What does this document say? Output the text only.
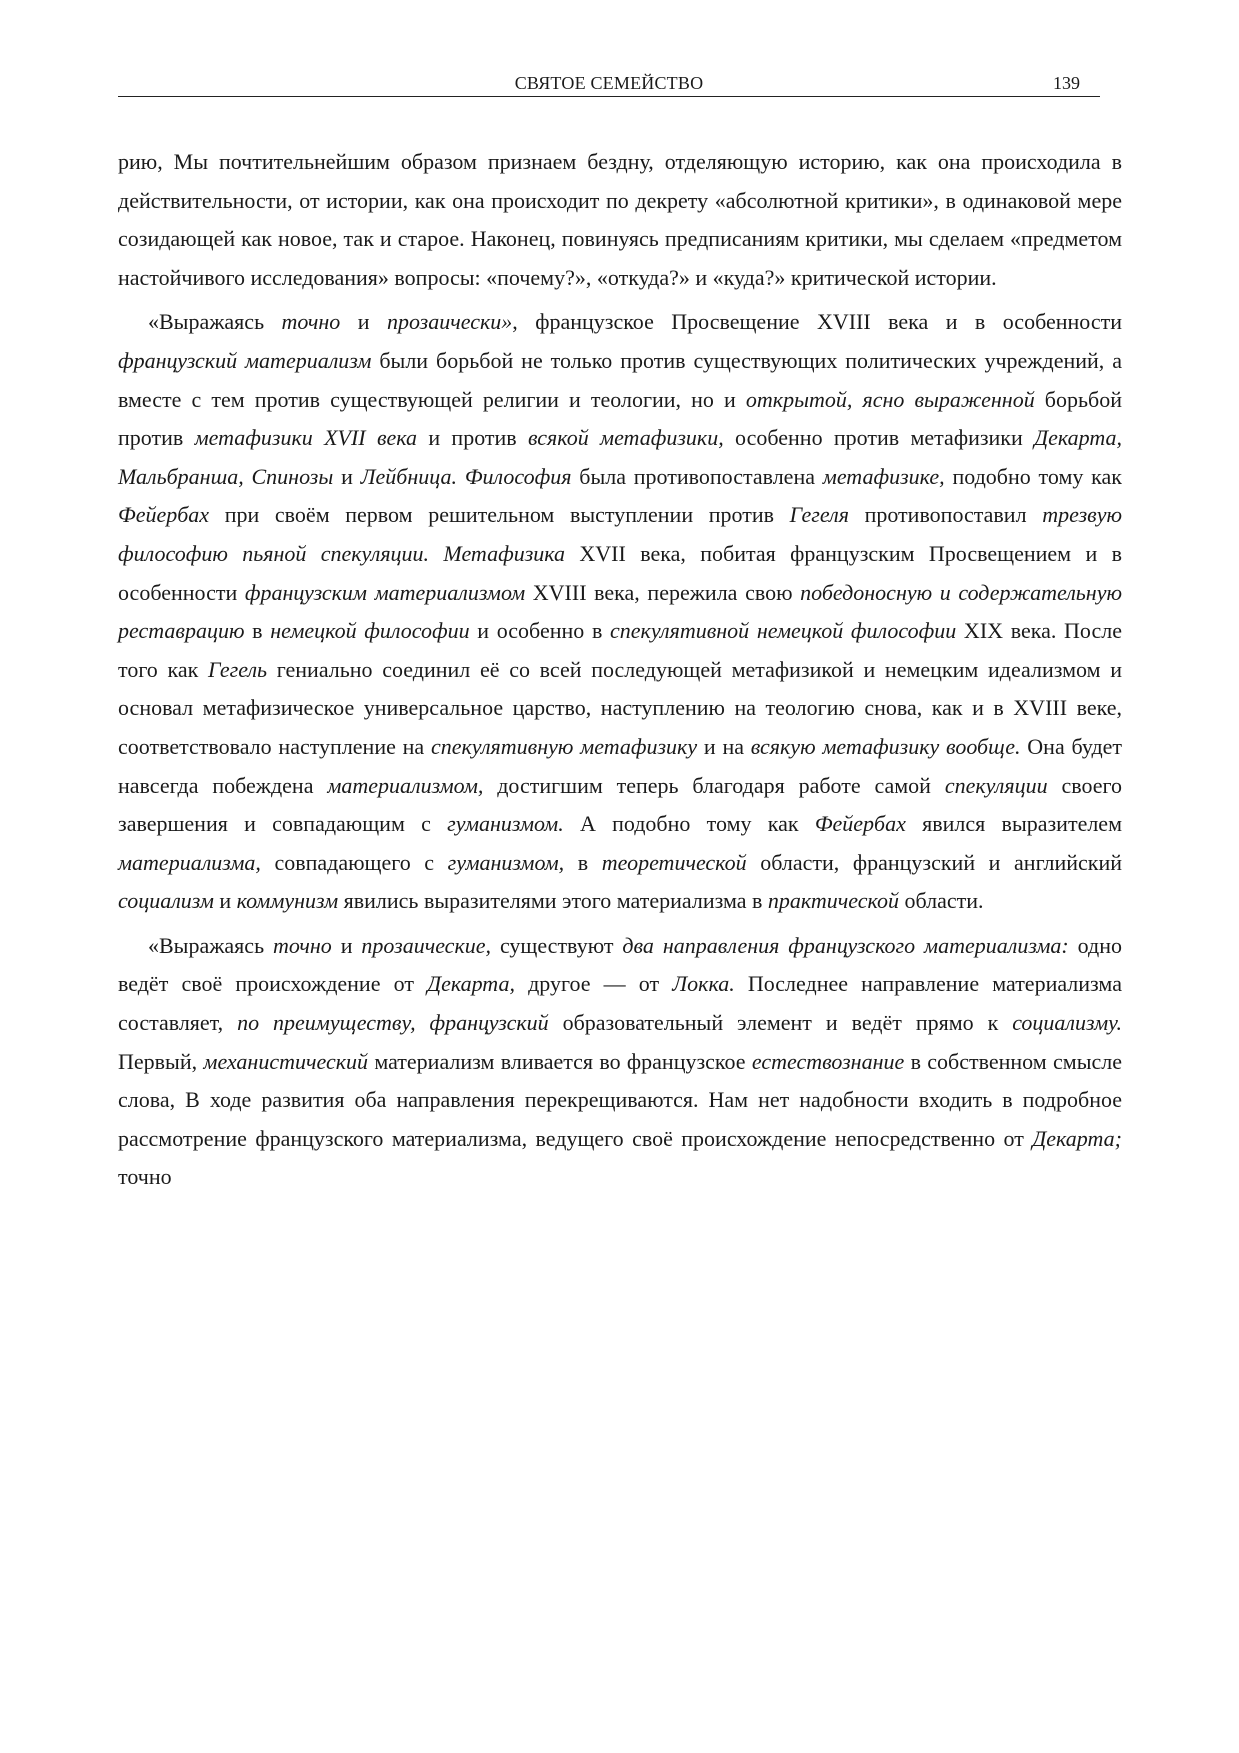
СВЯТОЕ СЕМЕЙСТВО	139

рию, Мы почтительнейшим образом признаем бездну, отделяющую историю, как она происходила в действительности, от истории, как она происходит по декрету «абсолютной критики», в одинаковой мере созидающей как новое, так и старое. Наконец, повинуясь предписаниям критики, мы сделаем «предметом настойчивого исследования» вопросы: «почему?», «откуда?» и «куда?» критической истории.

«Выражаясь точно и прозаически», французское Просвещение XVIII века и в особенности французский материализм были борьбой не только против существующих политических учреждений, а вместе с тем против существующей религии и теологии, но и открытой, ясно выраженной борьбой против метафизики XVII века и против всякой метафизики, особенно против метафизики Декарта, Мальбранша, Спинозы и Лейбница. Философия была противопоставлена метафизике, подобно тому как Фейербах при своём первом решительном выступлении против Гегеля противопоставил трезвую философию пьяной спекуляции. Метафизика XVII века, побитая французским Просвещением и в особенности французским материализмом XVIII века, пережила свою победоносную и содержательную реставрацию в немецкой философии и особенно в спекулятивной немецкой философии XIX века. После того как Гегель гениально соединил её со всей последующей метафизикой и немецким идеализмом и основал метафизическое универсальное царство, наступлению на теологию снова, как и в XVIII веке, соответствовало наступление на спекулятивную метафизику и на всякую метафизику вообще. Она будет навсегда побеждена материализмом, достигшим теперь благодаря работе самой спекуляции своего завершения и совпадающим с гуманизмом. А подобно тому как Фейербах явился выразителем материализма, совпадающего с гуманизмом, в теоретической области, французский и английский социализм и коммунизм явились выразителями этого материализма в практической области.

«Выражаясь точно и прозаические, существуют два направления французского материализма: одно ведёт своё происхождение от Декарта, другое — от Локка. Последнее направление материализма составляет, по преимуществу, французский образовательный элемент и ведёт прямо к социализму. Первый, механистический материализм вливается во французское естествознание в собственном смысле слова, В ходе развития оба направления перекрещиваются. Нам нет надобности входить в подробное рассмотрение французского материализма, ведущего своё происхождение непосредственно от Декарта; точно
